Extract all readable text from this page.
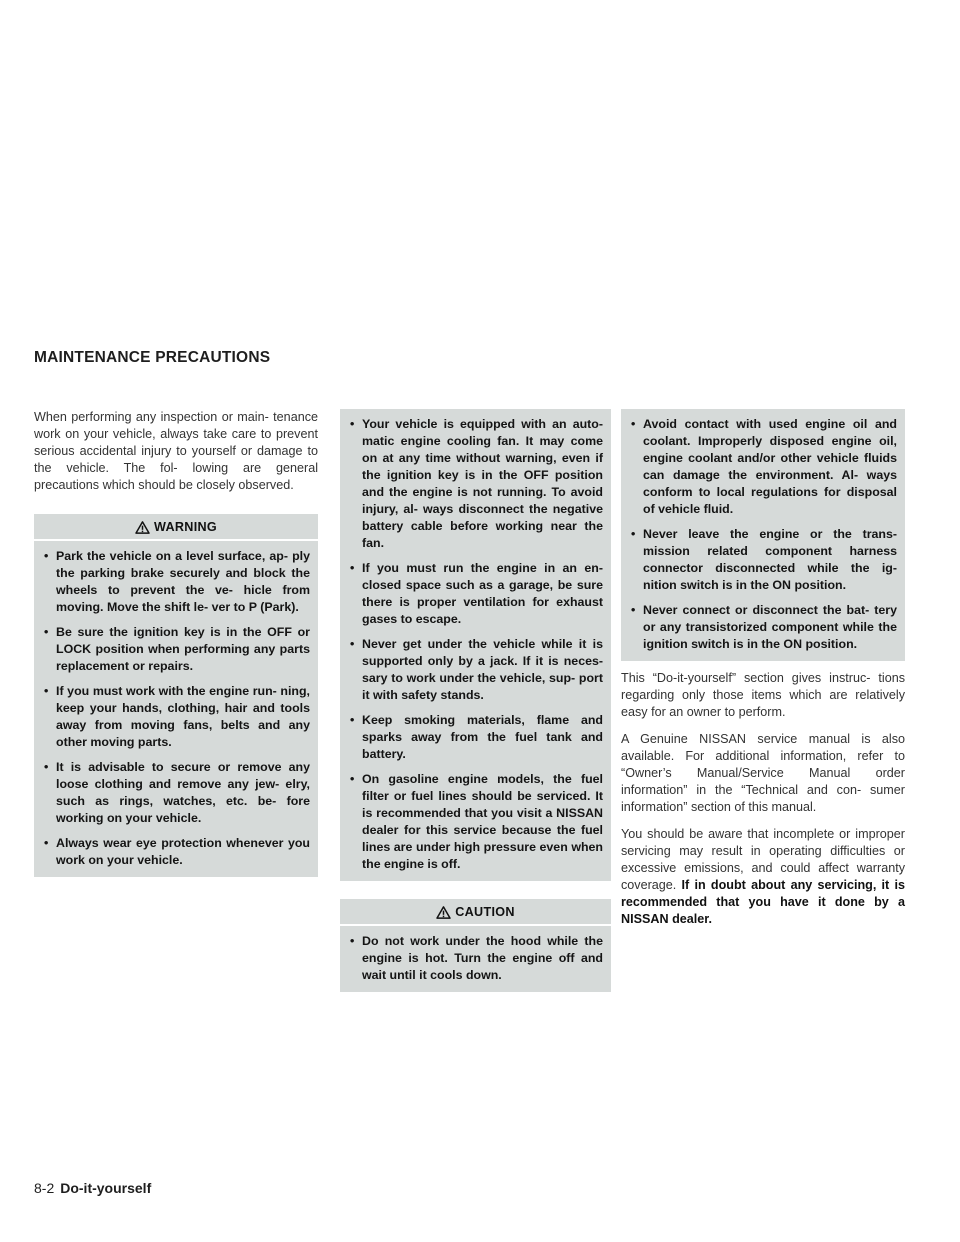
MAINTENANCE PRECAUTIONS

When performing any inspection or main- tenance work on your vehicle, always take care to prevent serious accidental injury to yourself or damage to the vehicle. The fol- lowing are general precautions which should be closely observed.

WARNING
• Park the vehicle on a level surface, ap- ply the parking brake securely and block the wheels to prevent the ve- hicle from moving. Move the shift le- ver to P (Park).
• Be sure the ignition key is in the OFF or LOCK position when performing any parts replacement or repairs.
• If you must work with the engine run- ning, keep your hands, clothing, hair and tools away from moving fans, belts and any other moving parts.
• It is advisable to secure or remove any loose clothing and remove any jew- elry, such as rings, watches, etc. be- fore working on your vehicle.
• Always wear eye protection whenever you work on your vehicle.
• Your vehicle is equipped with an auto- matic engine cooling fan. It may come on at any time without warning, even if the ignition key is in the OFF position and the engine is not running. To avoid injury, al- ways disconnect the negative battery cable before working near the fan.
• If you must run the engine in an en- closed space such as a garage, be sure there is proper ventilation for exhaust gases to escape.
• Never get under the vehicle while it is supported only by a jack. If it is neces- sary to work under the vehicle, sup- port it with safety stands.
• Keep smoking materials, flame and sparks away from the fuel tank and battery.
• On gasoline engine models, the fuel filter or fuel lines should be serviced. It is recommended that you visit a NISSAN dealer for this service because the fuel lines are under high pressure even when the engine is off.
CAUTION
• Do not work under the hood while the engine is hot. Turn the engine off and wait until it cools down.
• Avoid contact with used engine oil and coolant. Improperly disposed engine oil, engine coolant and/or other vehicle fluids can damage the environment. Al- ways conform to local regulations for disposal of vehicle fluid.
• Never leave the engine or the trans- mission related component harness connector disconnected while the ig- nition switch is in the ON position.
• Never connect or disconnect the bat- tery or any transistorized component while the ignition switch is in the ON position.

This “Do-it-yourself” section gives instruc- tions regarding only those items which are relatively easy for an owner to perform.

A Genuine NISSAN service manual is also available. For additional information, refer to “Owner’s Manual/Service Manual order information” in the “Technical and con- sumer information” section of this manual.

You should be aware that incomplete or improper servicing may result in operating difficulties or excessive emissions, and could affect warranty coverage. If in doubt about any servicing, it is recommended that you have it done by a NISSAN dealer.

8-2 Do-it-yourself
